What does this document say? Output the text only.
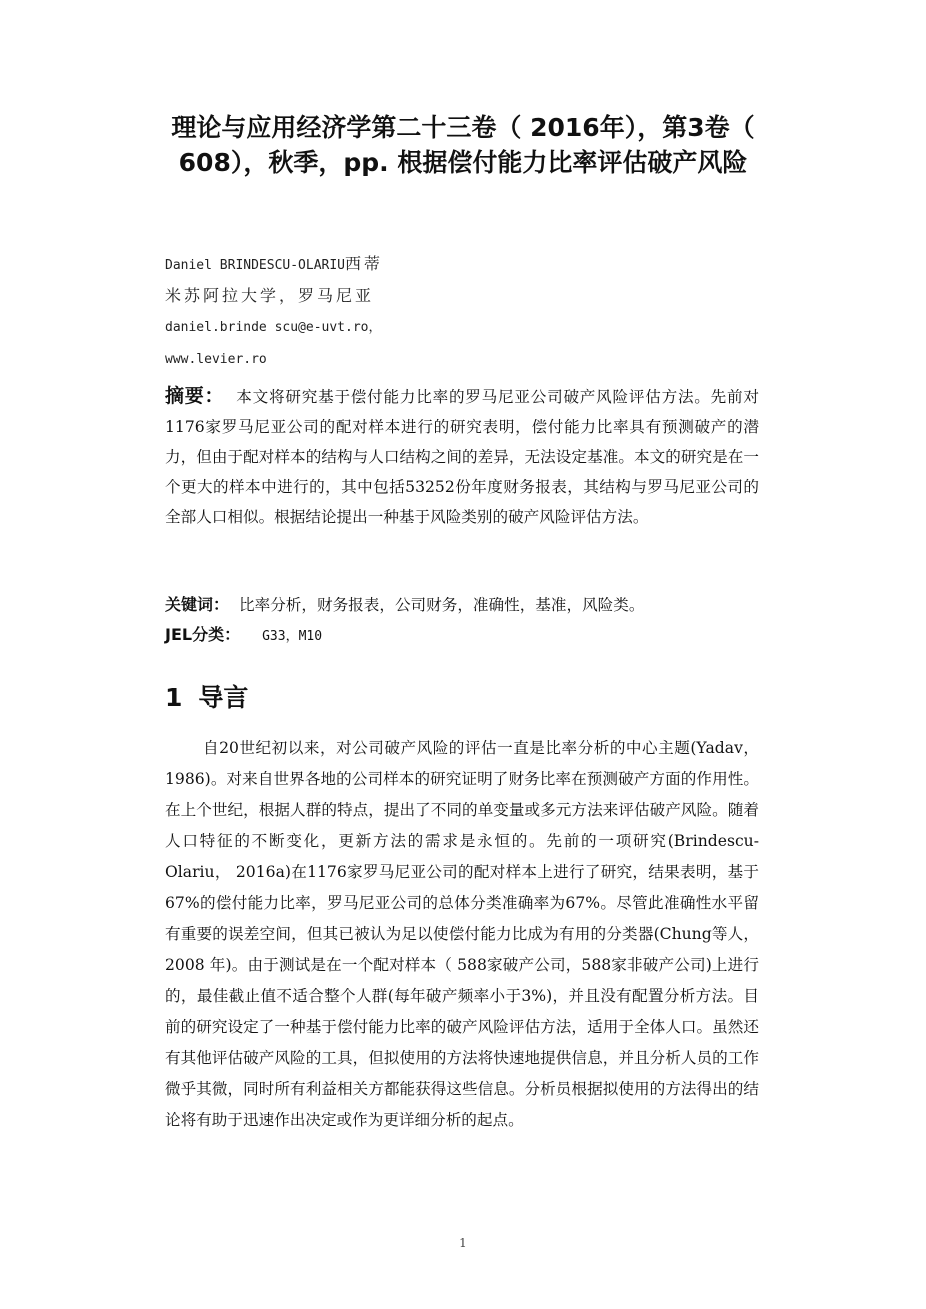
理论与应用经济学第二十三卷（ 2016年），第3卷（ 608），秋季，pp. 根据偿付能力比率评估破产风险
Daniel BRINDESCU-OLARIU西蒂
米苏阿拉大学，罗马尼亚
daniel.brinde scu@e-uvt.ro，
www.levier.ro
摘要： 本文将研究基于偿付能力比率的罗马尼亚公司破产风险评估方法。先前对1176家罗马尼亚公司的配对样本进行的研究表明，偿付能力比率具有预测破产的潜力，但由于配对样本的结构与人口结构之间的差异，无法设定基准。本文的研究是在一个更大的样本中进行的，其中包括53252份年度财务报表，其结构与罗马尼亚公司的全部人口相似。根据结论提出一种基于风险类别的破产风险评估方法。
关键词： 比率分析，财务报表，公司财务，准确性，基准，风险类。
JEL分类： G33，M10
1 导言

自20世纪初以来，对公司破产风险的评估一直是比率分析的中心主题(Yadav， 1986)。对来自世界各地的公司样本的研究证明了财务比率在预测破产方面的作用性。在上个世纪，根据人群的特点，提出了不同的单变量或多元方法来评估破产风险。随着人口特征的不断变化，更新方法的需求是永恒的。先前的一项研究(Brindescu-Olariu， 2016a)在1176家罗马尼亚公司的配对样本上进行了研究，结果表明，基于67%的偿付能力比率，罗马尼亚公司的总体分类准确率为67%。尽管此准确性水平留有重要的误差空间，但其已被认为足以使偿付能力比成为有用的分类器(Chung等人，2008 年)。由于测试是在一个配对样本（ 588家破产公司，588家非破产公司)上进行的，最佳截止值不适合整个人群(每年破产频率小于3%)，并且没有配置分析方法。目前的研究设定了一种基于偿付能力比率的破产风险评估方法，适用于全体人口。虽然还有其他评估破产风险的工具，但拟使用的方法将快速地提供信息，并且分析人员的工作微乎其微，同时所有利益相关方都能获得这些信息。分析员根据拟使用的方法得出的结论将有助于迅速作出决定或作为更详细分析的起点。

1
